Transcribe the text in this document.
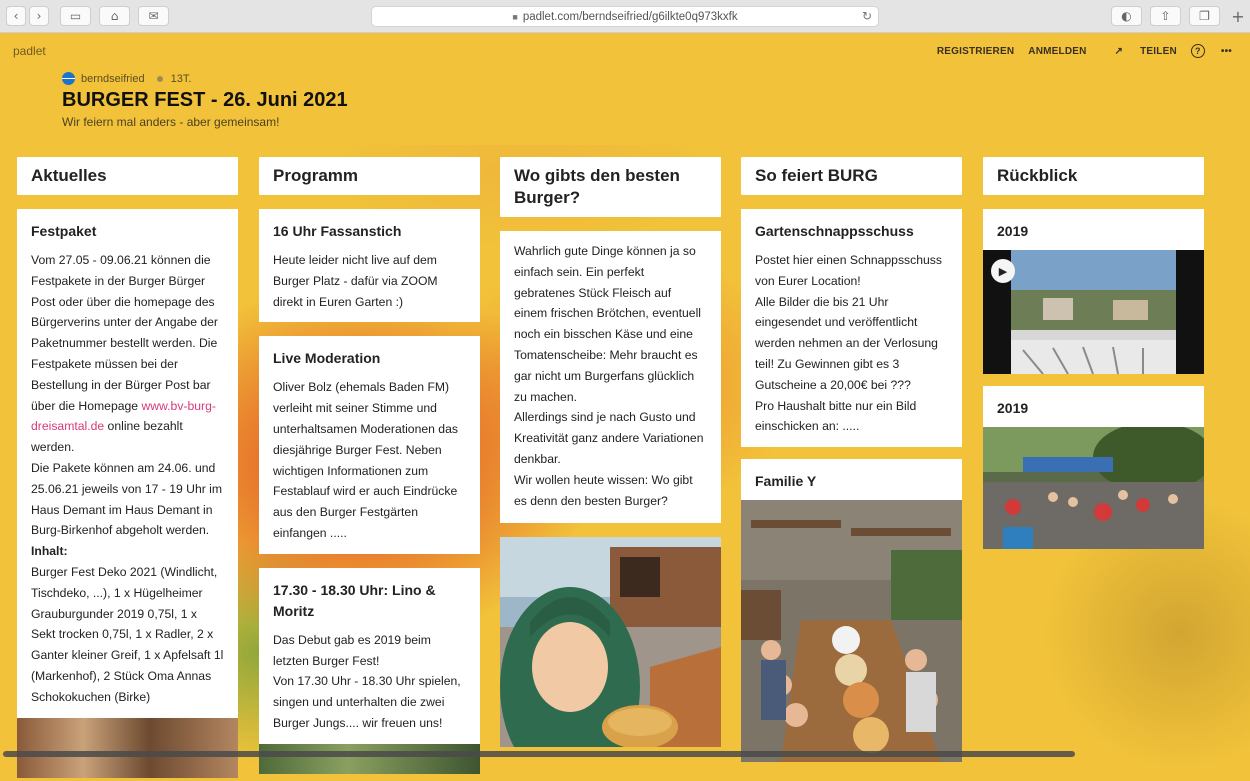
‹ › ▭ ⌂	✉	■ padlet.com/berndseifried/g6ilkte0q973kxfk	↻	◐ ⇧ ❐ +
padlet	REGISTRIEREN ANMELDEN	↗ TEILEN	?	•••
berndseifried 13T.
BURGER FEST - 26. Juni 2021
Wir feiern mal anders - aber gemeinsam!
Aktuelles
Festpaket
Vom 27.05 - 09.06.21 können die Festpakete in der Burger Bürger Post oder über die homepage des Bürgerverins unter der Angabe der Paketnummer bestellt werden. Die Festpakete müssen bei der Bestellung in der Bürger Post bar über die Homepage www.bv-burg-dreisamtal.de online bezahlt werden.
Die Pakete können am 24.06. und 25.06.21 jeweils von 17 - 19 Uhr im Haus Demant im Haus Demant in Burg-Birkenhof abgeholt werden.
Inhalt:
Burger Fest Deko 2021 (Windlicht, Tischdeko, ...), 1 x Hügelheimer Grauburgunder 2019 0,75l, 1 x Sekt trocken 0,75l, 1 x Radler, 2 x Ganter kleiner Greif, 1 x Apfelsaft 1l (Markenhof), 2 Stück Oma Annas Schokokuchen (Birke)
Programm
16 Uhr Fassanstich
Heute leider nicht live auf dem Burger Platz - dafür via ZOOM direkt in Euren Garten :)
Live Moderation
Oliver Bolz (ehemals Baden FM) verleiht mit seiner Stimme und unterhaltsamen Moderationen das diesjährige Burger Fest. Neben wichtigen Informationen zum Festablauf wird er auch Eindrücke aus den Burger Festgärten einfangen .....
17.30 - 18.30 Uhr: Lino & Moritz
Das Debut gab es 2019 beim letzten Burger Fest!
Von 17.30 Uhr - 18.30 Uhr spielen, singen und unterhalten die zwei Burger Jungs.... wir freuen uns!
Wo gibts den besten Burger?
Wahrlich gute Dinge können ja so einfach sein. Ein perfekt gebratenes Stück Fleisch auf einem frischen Brötchen, eventuell noch ein bisschen Käse und eine Tomatenscheibe: Mehr braucht es gar nicht um Burgerfans glücklich zu machen.
Allerdings sind je nach Gusto und Kreativität ganz andere Variationen denkbar.
Wir wollen heute wissen: Wo gibt es denn den besten Burger?
So feiert BURG
Gartenschnappsschuss
Postet hier einen Schnappsschuss von Eurer Location!
Alle Bilder die bis 21 Uhr eingesendet und veröffentlicht werden nehmen an der Verlosung teil! Zu Gewinnen gibt es 3 Gutscheine a 20,00€ bei ???
Pro Haushalt bitte nur ein Bild einschicken an: .....
Familie Y
Rückblick
2019
▶
2019
